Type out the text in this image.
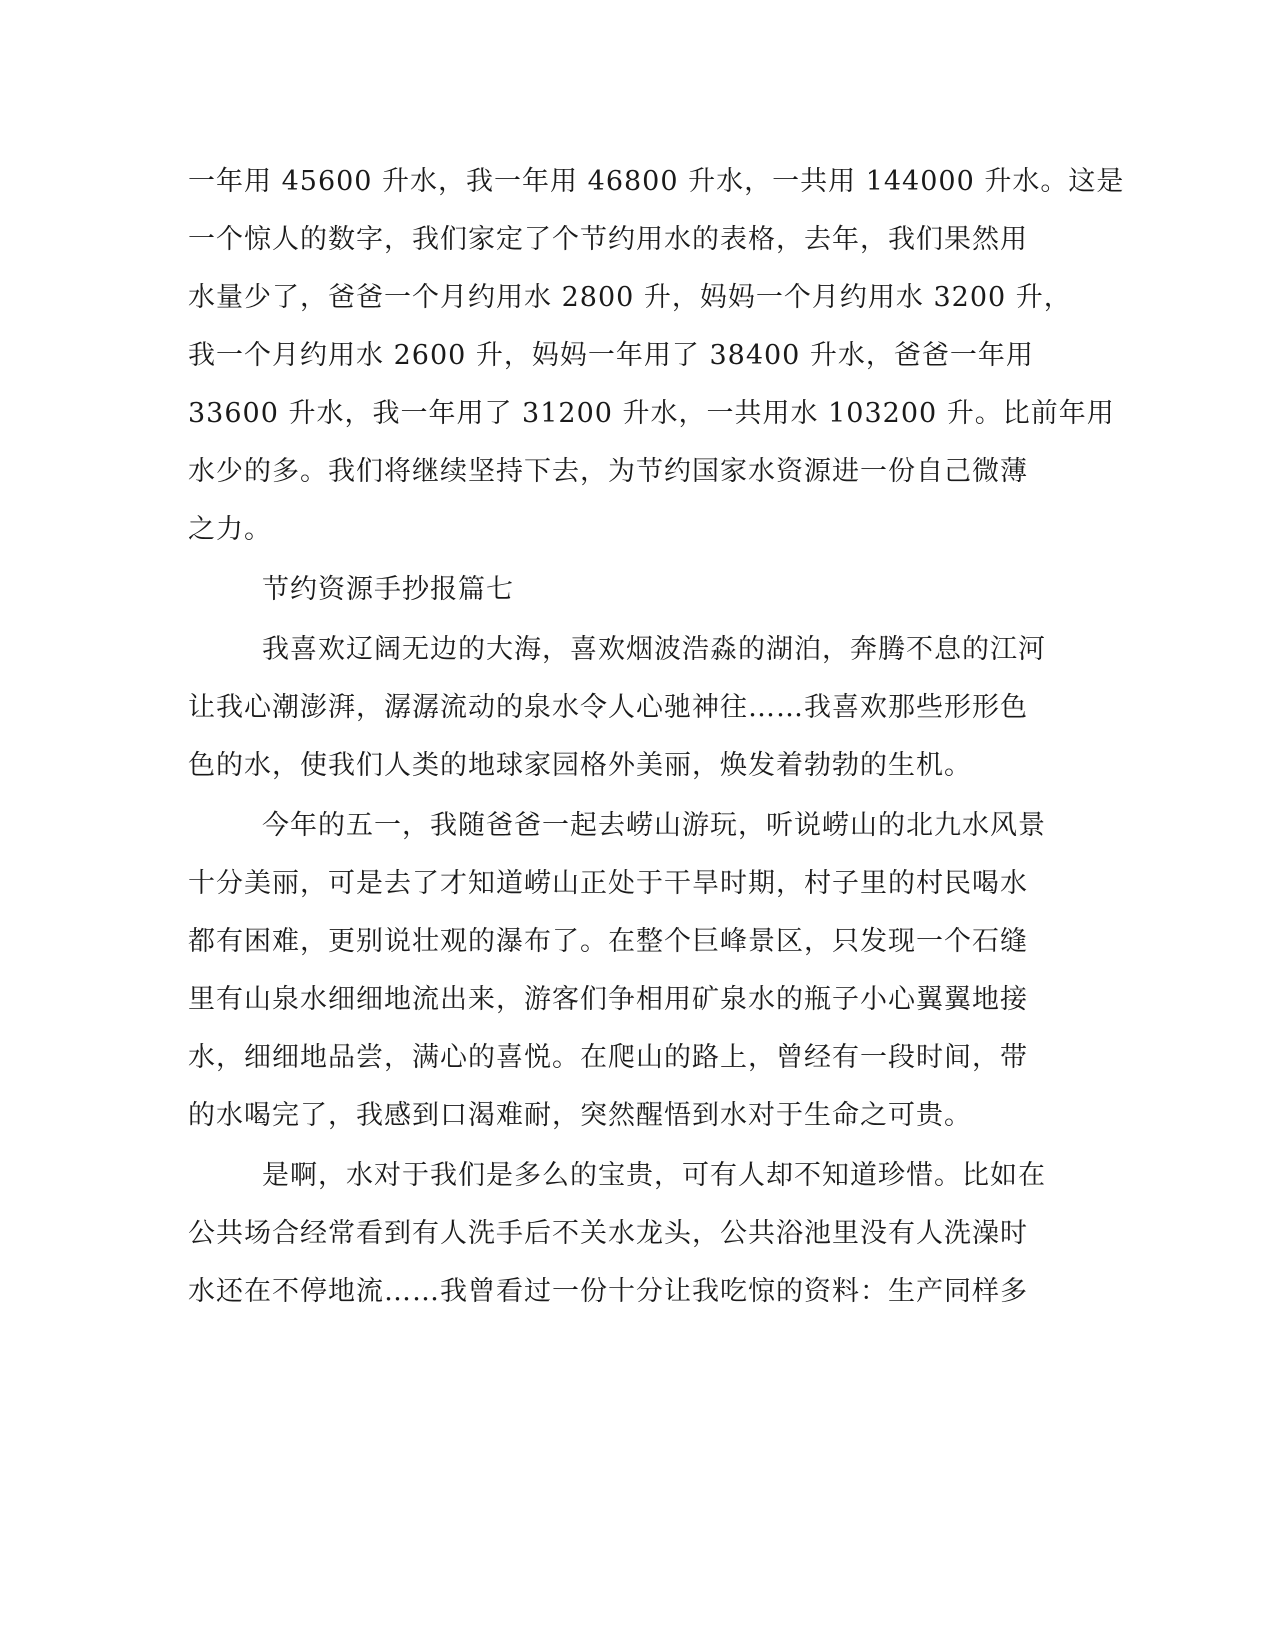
一年用 45600 升水，我一年用 46800 升水，一共用 144000 升水。这是
一个惊人的数字，我们家定了个节约用水的表格，去年，我们果然用
水量少了，爸爸一个月约用水 2800 升，妈妈一个月约用水 3200 升，
我一个月约用水 2600 升，妈妈一年用了 38400 升水，爸爸一年用
33600 升水，我一年用了 31200 升水，一共用水 103200 升。比前年用
水少的多。我们将继续坚持下去，为节约国家水资源进一份自己微薄
之力。
节约资源手抄报篇七
我喜欢辽阔无边的大海，喜欢烟波浩淼的湖泊，奔腾不息的江河
让我心潮澎湃，潺潺流动的泉水令人心驰神往……我喜欢那些形形色
色的水，使我们人类的地球家园格外美丽，焕发着勃勃的生机。
今年的五一，我随爸爸一起去崂山游玩，听说崂山的北九水风景
十分美丽，可是去了才知道崂山正处于干旱时期，村子里的村民喝水
都有困难，更别说壮观的瀑布了。在整个巨峰景区，只发现一个石缝
里有山泉水细细地流出来，游客们争相用矿泉水的瓶子小心翼翼地接
水，细细地品尝，满心的喜悦。在爬山的路上，曾经有一段时间，带
的水喝完了，我感到口渴难耐，突然醒悟到水对于生命之可贵。
是啊，水对于我们是多么的宝贵，可有人却不知道珍惜。比如在
公共场合经常看到有人洗手后不关水龙头，公共浴池里没有人洗澡时
水还在不停地流……我曾看过一份十分让我吃惊的资料：生产同样多
